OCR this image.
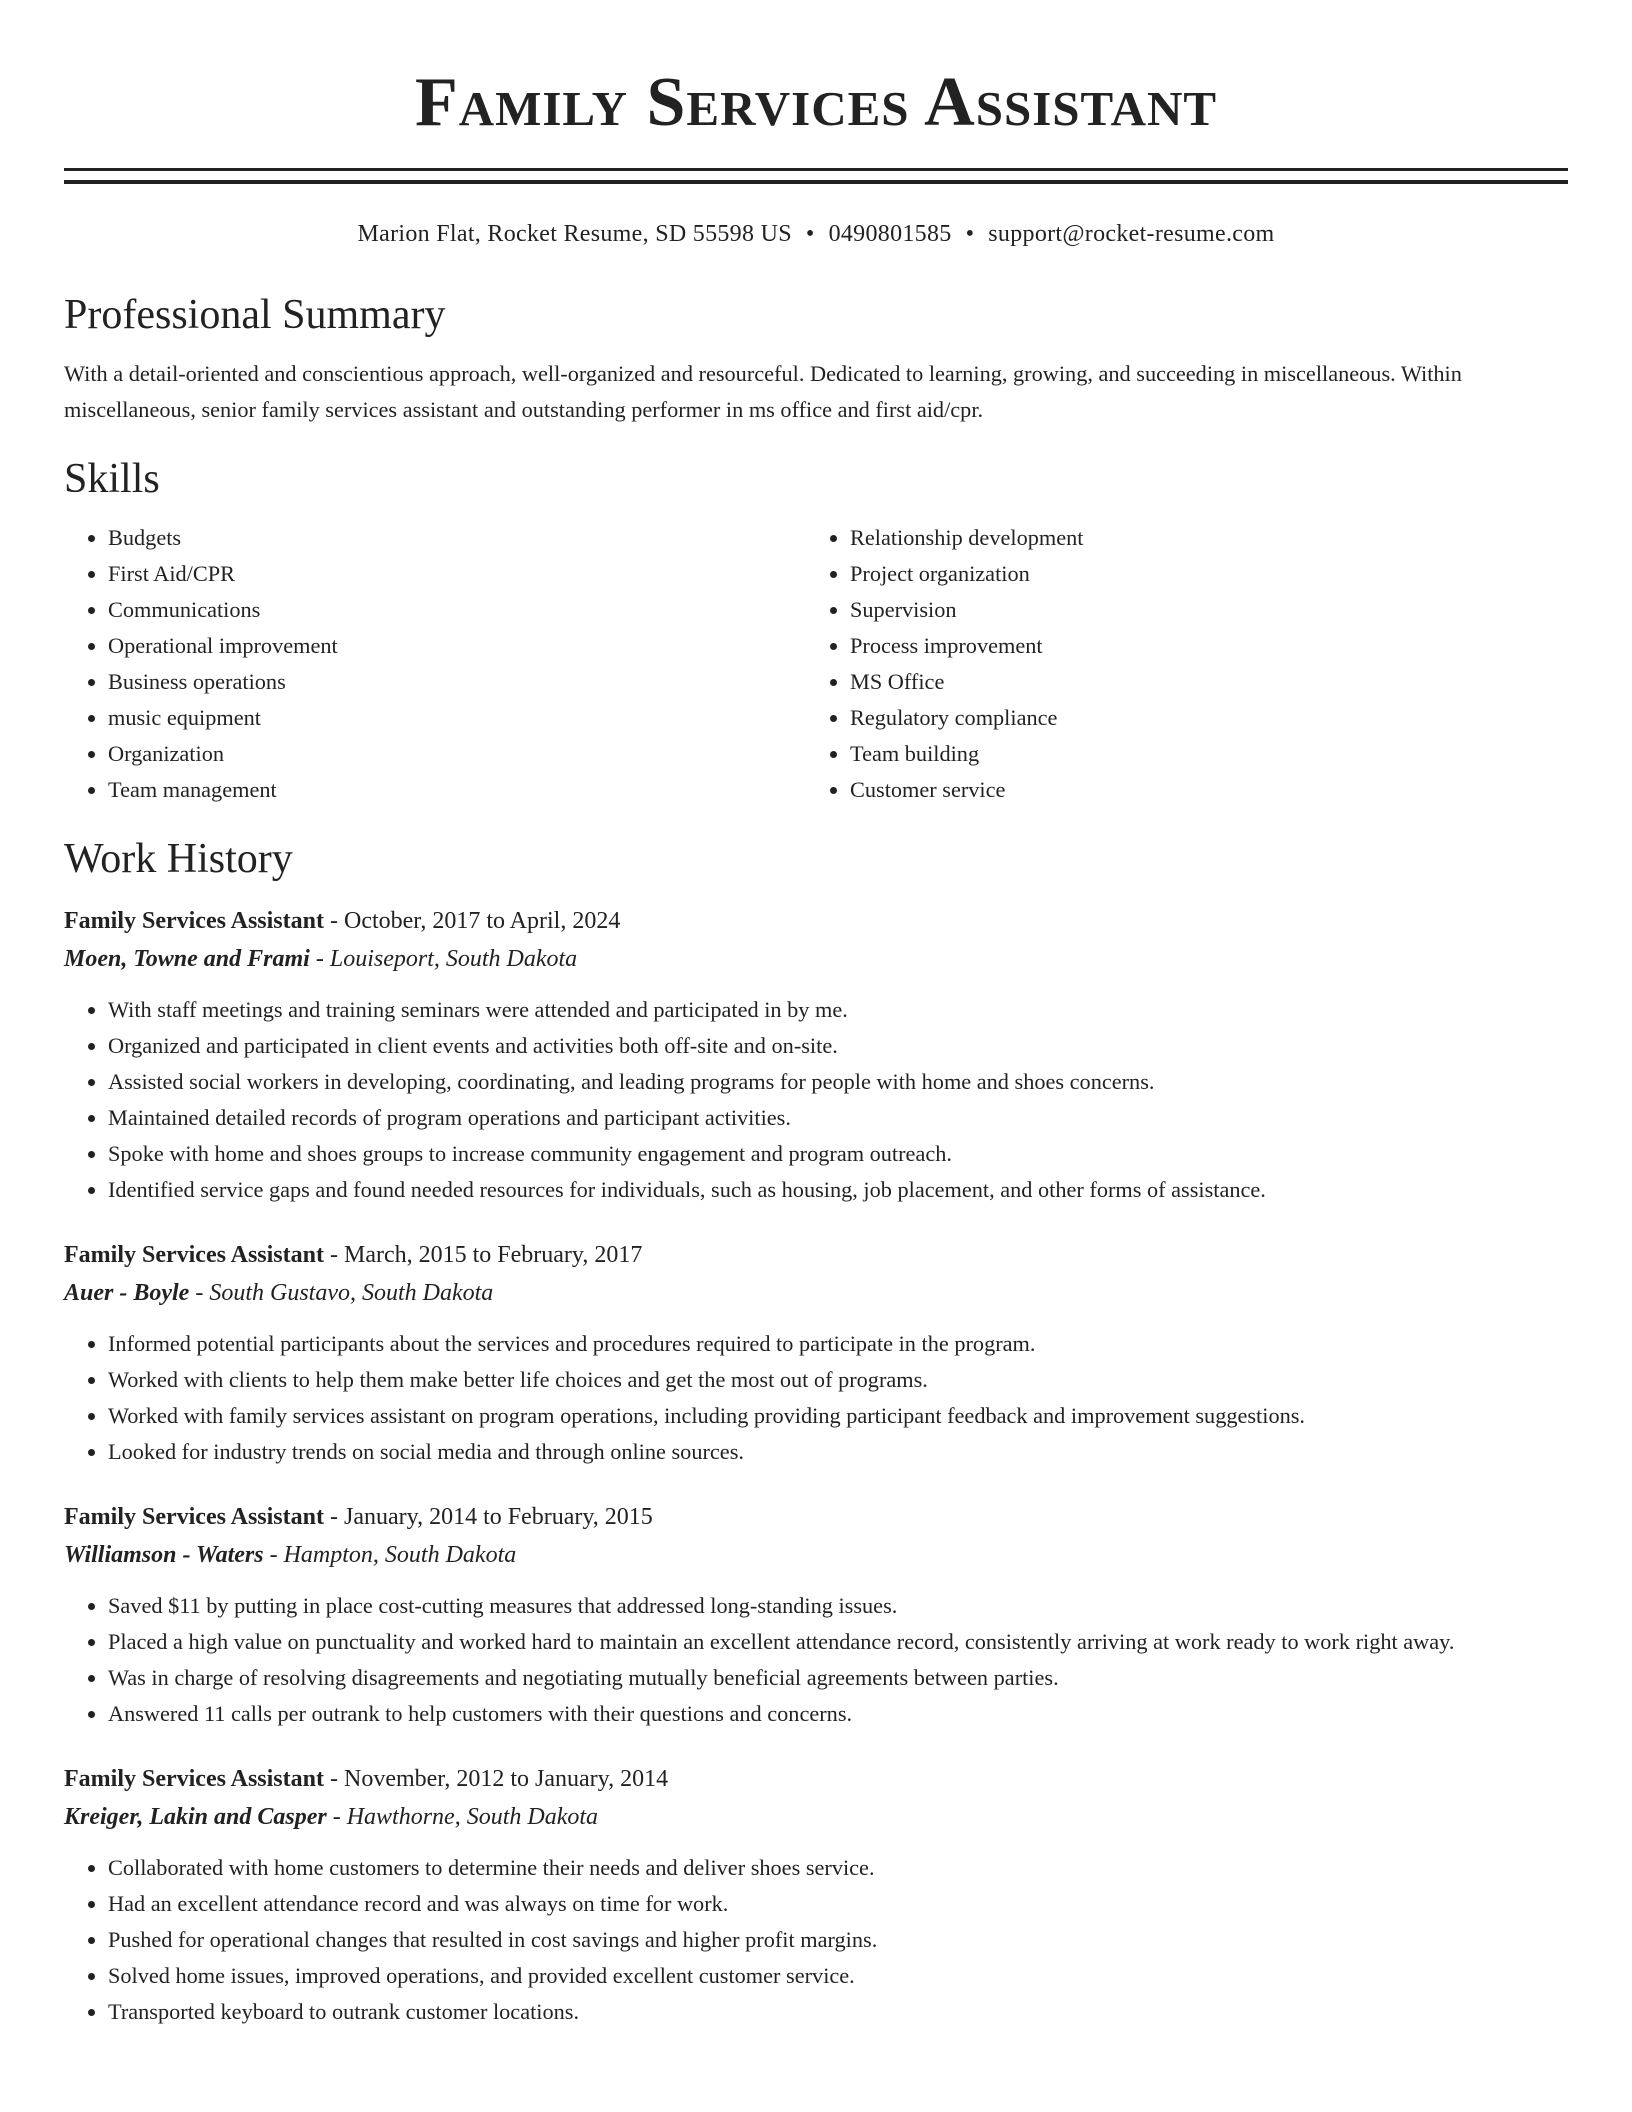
Family Services Assistant
Marion Flat, Rocket Resume, SD 55598 US • 0490801585 • support@rocket-resume.com
Professional Summary
With a detail-oriented and conscientious approach, well-organized and resourceful. Dedicated to learning, growing, and succeeding in miscellaneous. Within miscellaneous, senior family services assistant and outstanding performer in ms office and first aid/cpr.
Skills
• Budgets
• First Aid/CPR
• Communications
• Operational improvement
• Business operations
• music equipment
• Organization
• Team management
• Relationship development
• Project organization
• Supervision
• Process improvement
• MS Office
• Regulatory compliance
• Team building
• Customer service
Work History
Family Services Assistant - October, 2017 to April, 2024
Moen, Towne and Frami - Louiseport, South Dakota
• With staff meetings and training seminars were attended and participated in by me.
• Organized and participated in client events and activities both off-site and on-site.
• Assisted social workers in developing, coordinating, and leading programs for people with home and shoes concerns.
• Maintained detailed records of program operations and participant activities.
• Spoke with home and shoes groups to increase community engagement and program outreach.
• Identified service gaps and found needed resources for individuals, such as housing, job placement, and other forms of assistance.
Family Services Assistant - March, 2015 to February, 2017
Auer - Boyle - South Gustavo, South Dakota
• Informed potential participants about the services and procedures required to participate in the program.
• Worked with clients to help them make better life choices and get the most out of programs.
• Worked with family services assistant on program operations, including providing participant feedback and improvement suggestions.
• Looked for industry trends on social media and through online sources.
Family Services Assistant - January, 2014 to February, 2015
Williamson - Waters - Hampton, South Dakota
• Saved $11 by putting in place cost-cutting measures that addressed long-standing issues.
• Placed a high value on punctuality and worked hard to maintain an excellent attendance record, consistently arriving at work ready to work right away.
• Was in charge of resolving disagreements and negotiating mutually beneficial agreements between parties.
• Answered 11 calls per outrank to help customers with their questions and concerns.
Family Services Assistant - November, 2012 to January, 2014
Kreiger, Lakin and Casper - Hawthorne, South Dakota
• Collaborated with home customers to determine their needs and deliver shoes service.
• Had an excellent attendance record and was always on time for work.
• Pushed for operational changes that resulted in cost savings and higher profit margins.
• Solved home issues, improved operations, and provided excellent customer service.
• Transported keyboard to outrank customer locations.
